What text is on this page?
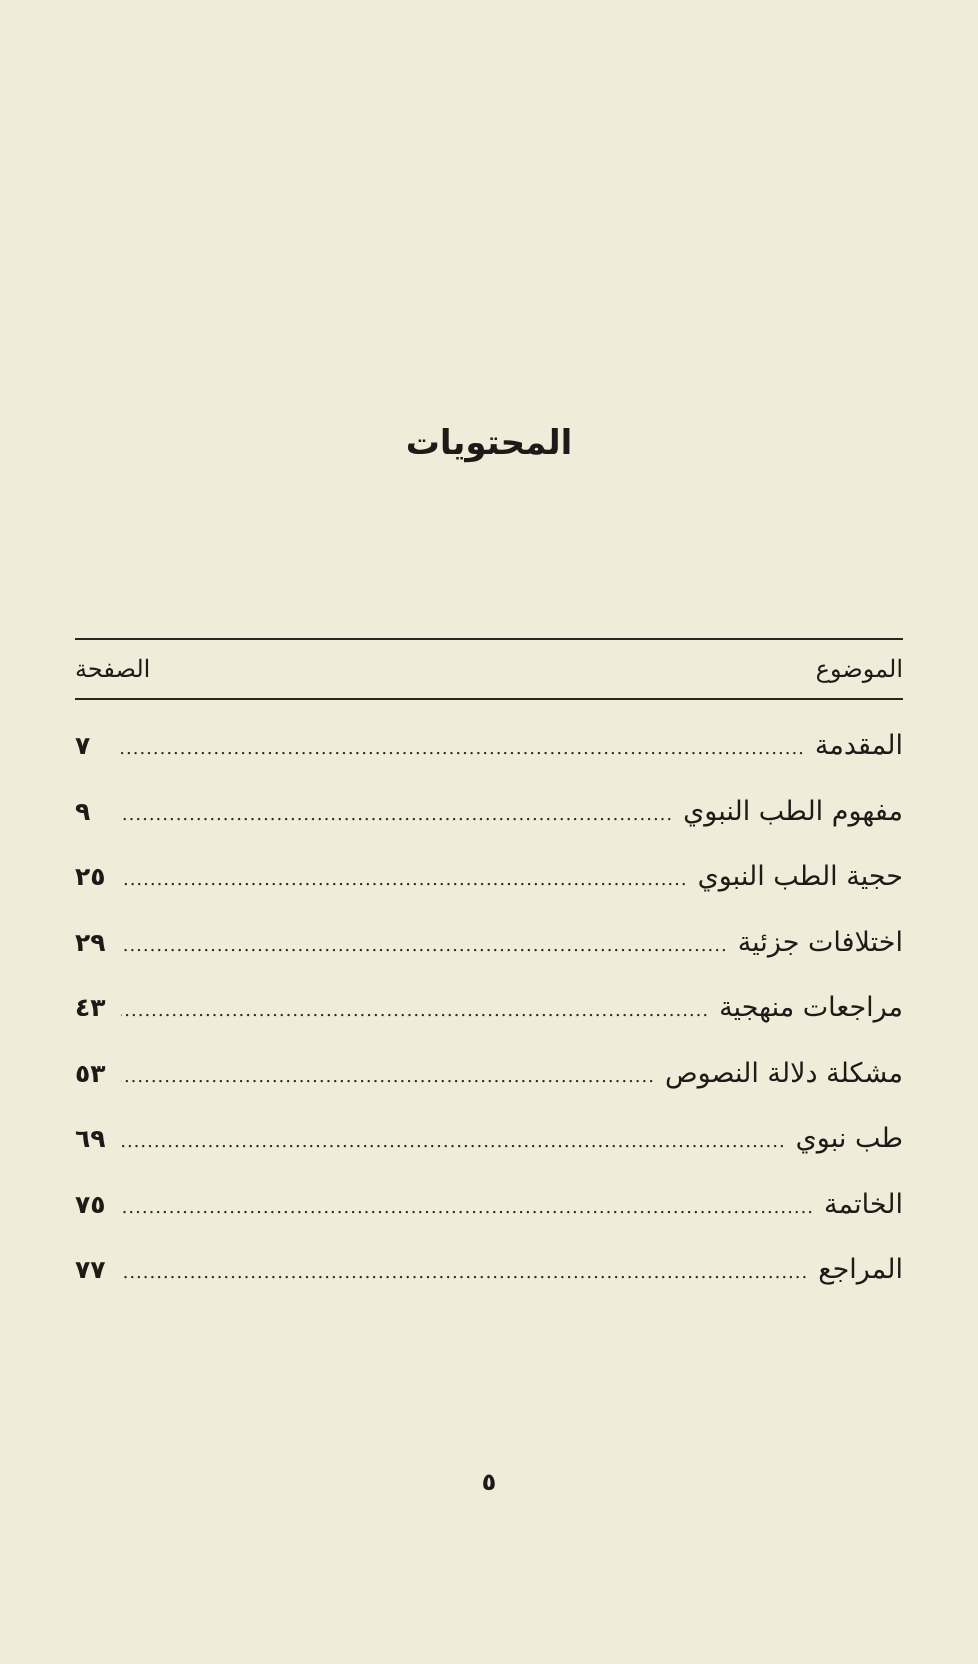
المحتويات
الموضوع
الصفحة
المقدمة
.....
٧
مفهوم الطب النبوي
.....
٩
حجية الطب النبوي
.....
٢٥
اختلافات جزئية
.....
٢٩
مراجعات منهجية
.....
٤٣
مشكلة دلالة النصوص
.....
٥٣
طب نبوي
.....
٦٩
الخاتمة
.....
٧٥
المراجع
.....
٧٧
٥
